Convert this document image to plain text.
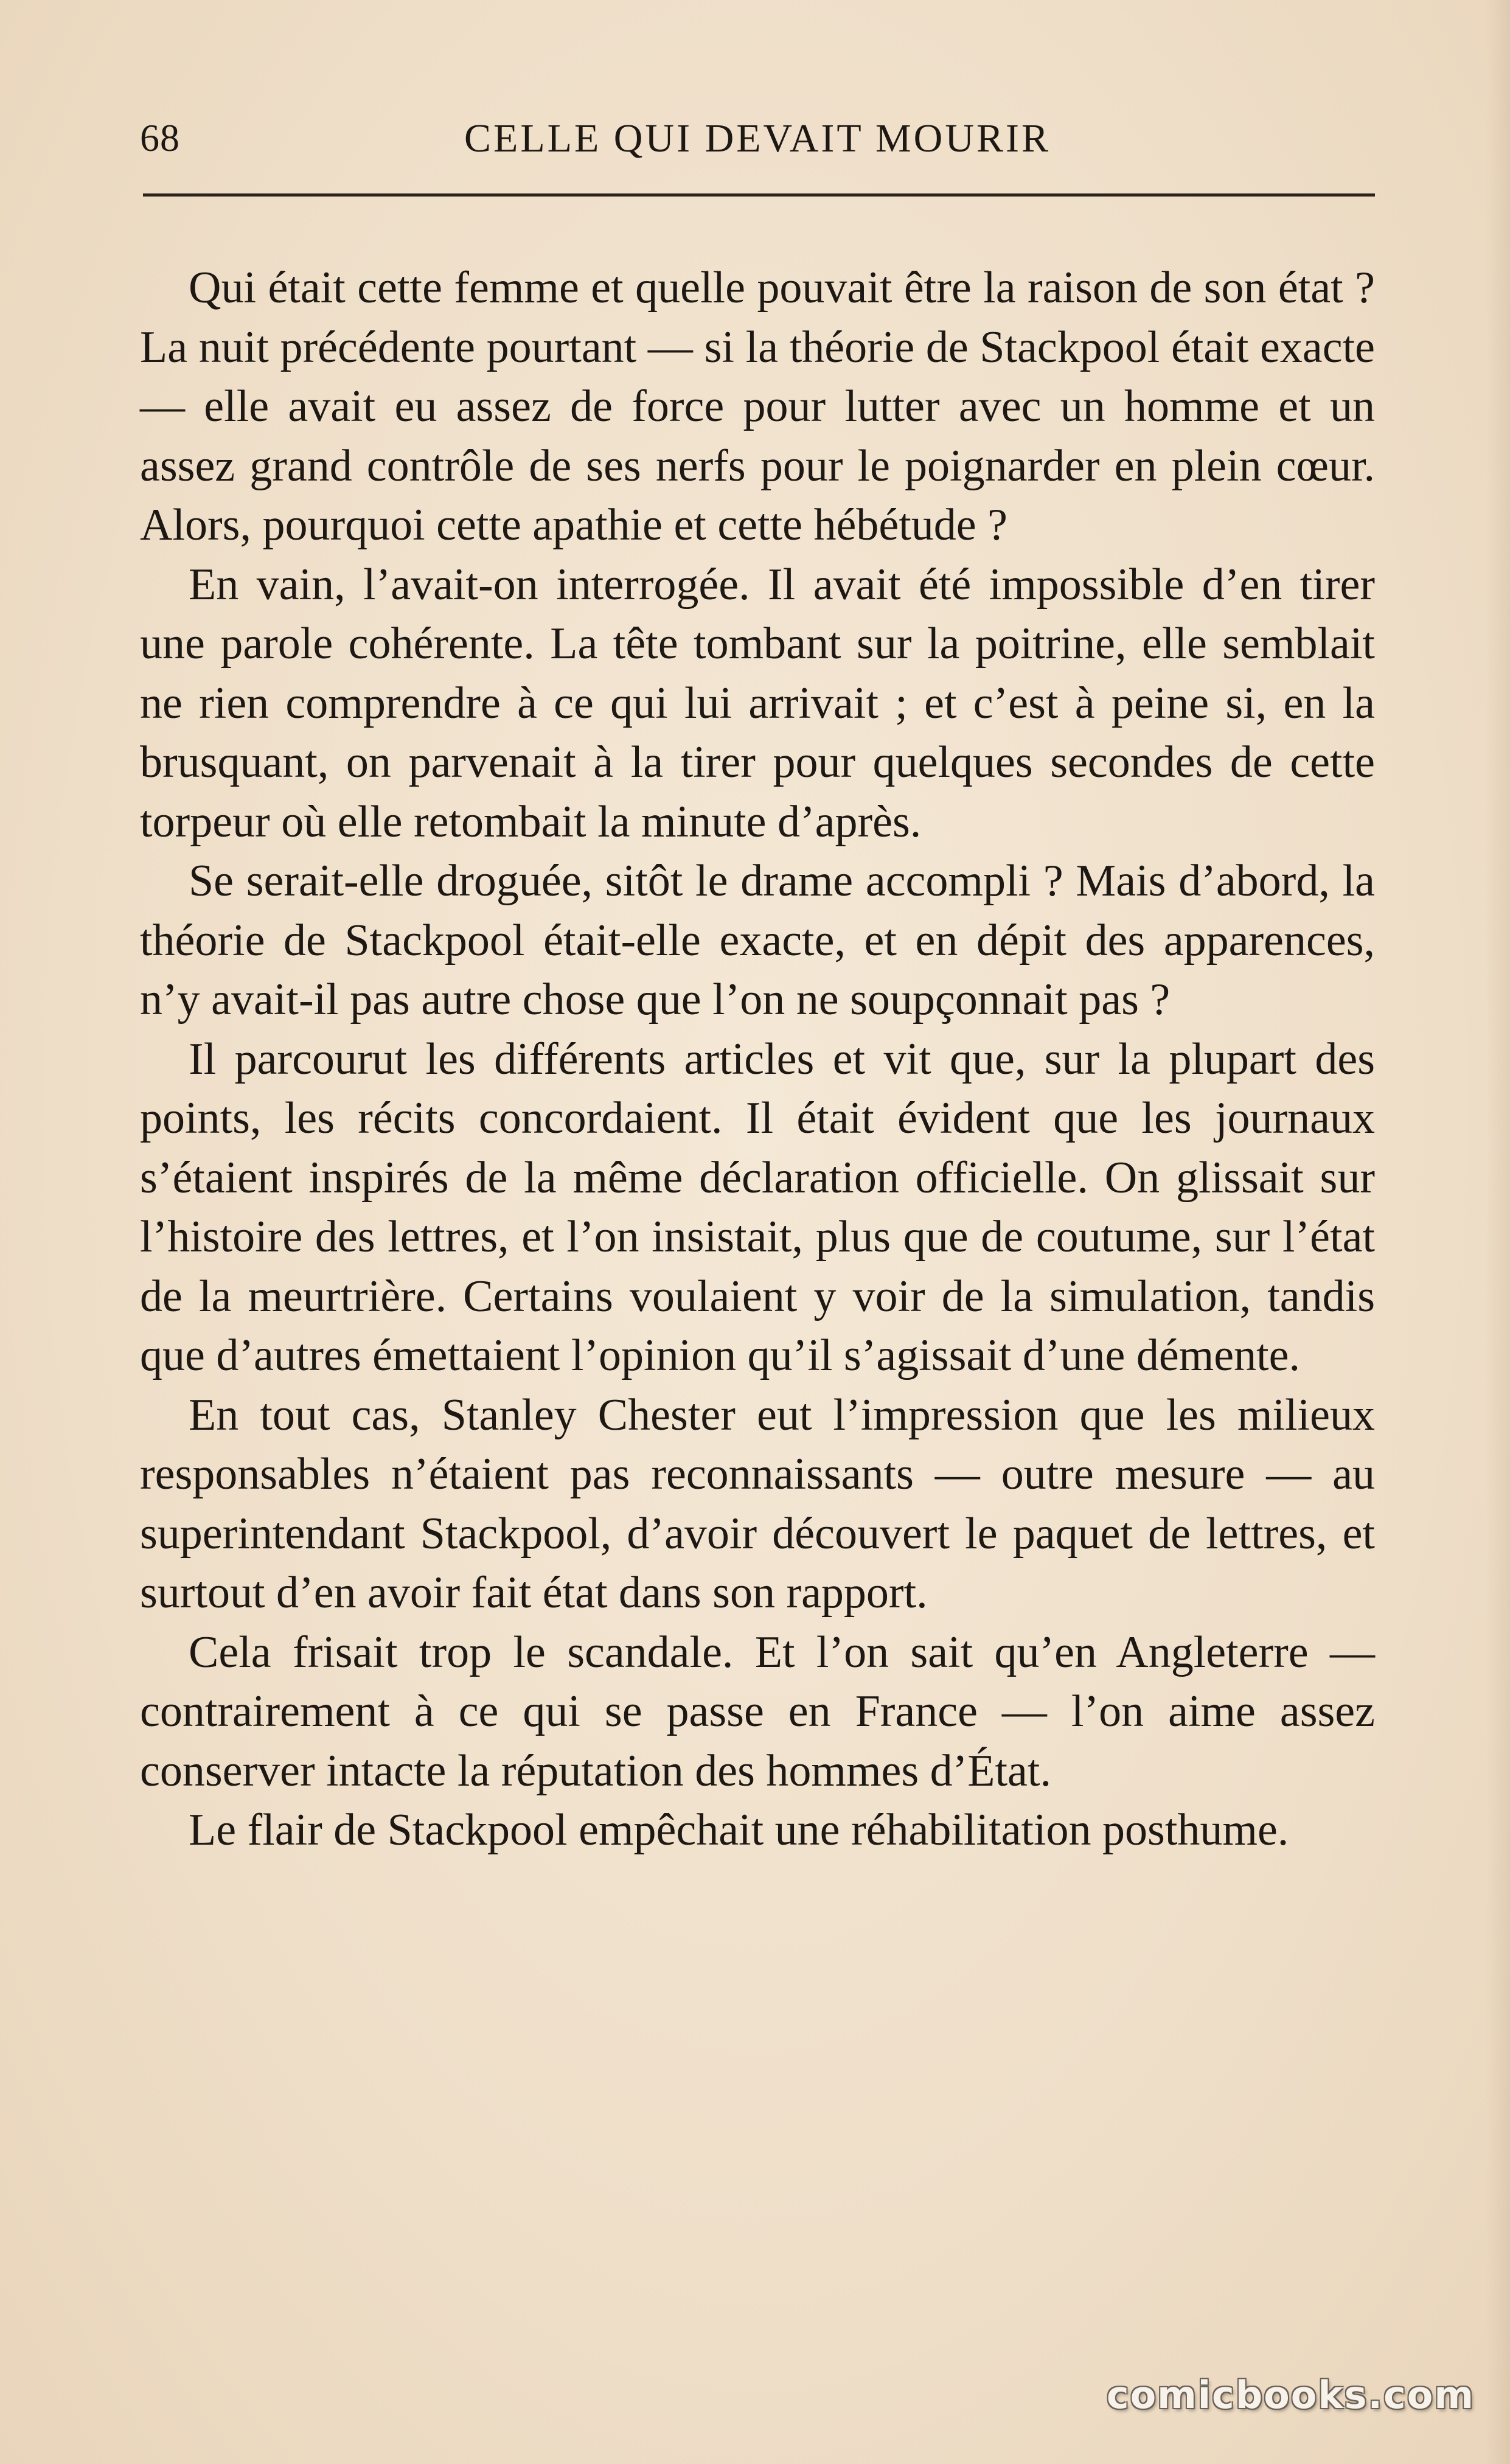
68	CELLE QUI DEVAIT MOURIR

Qui était cette femme et quelle pouvait être la raison de son état ? La nuit précédente pourtant — si la théorie de Stackpool était exacte — elle avait eu assez de force pour lutter avec un homme et un assez grand contrôle de ses nerfs pour le poignarder en plein cœur. Alors, pourquoi cette apathie et cette hébétude ?

En vain, l’avait-on interrogée. Il avait été impossible d’en tirer une parole cohérente. La tête tombant sur la poitrine, elle semblait ne rien comprendre à ce qui lui arrivait ; et c’est à peine si, en la brusquant, on parvenait à la tirer pour quelques secondes de cette torpeur où elle retombait la minute d’après.

Se serait-elle droguée, sitôt le drame accompli ? Mais d’abord, la théorie de Stackpool était-elle exacte, et en dépit des apparences, n’y avait-il pas autre chose que l’on ne soupçonnait pas ?

Il parcourut les différents articles et vit que, sur la plupart des points, les récits concordaient. Il était évident que les journaux s’étaient inspirés de la même déclaration officielle. On glissait sur l’histoire des lettres, et l’on insistait, plus que de coutume, sur l’état de la meurtrière. Certains voulaient y voir de la simulation, tandis que d’autres émettaient l’opinion qu’il s’agissait d’une démente.

En tout cas, Stanley Chester eut l’impression que les milieux responsables n’étaient pas reconnaissants — outre mesure — au superintendant Stackpool, d’avoir découvert le paquet de lettres, et surtout d’en avoir fait état dans son rapport.

Cela frisait trop le scandale. Et l’on sait qu’en Angleterre — contrairement à ce qui se passe en France — l’on aime assez conserver intacte la réputation des hommes d’État.

Le flair de Stackpool empêchait une réhabilitation posthume.

comicbooks.com
